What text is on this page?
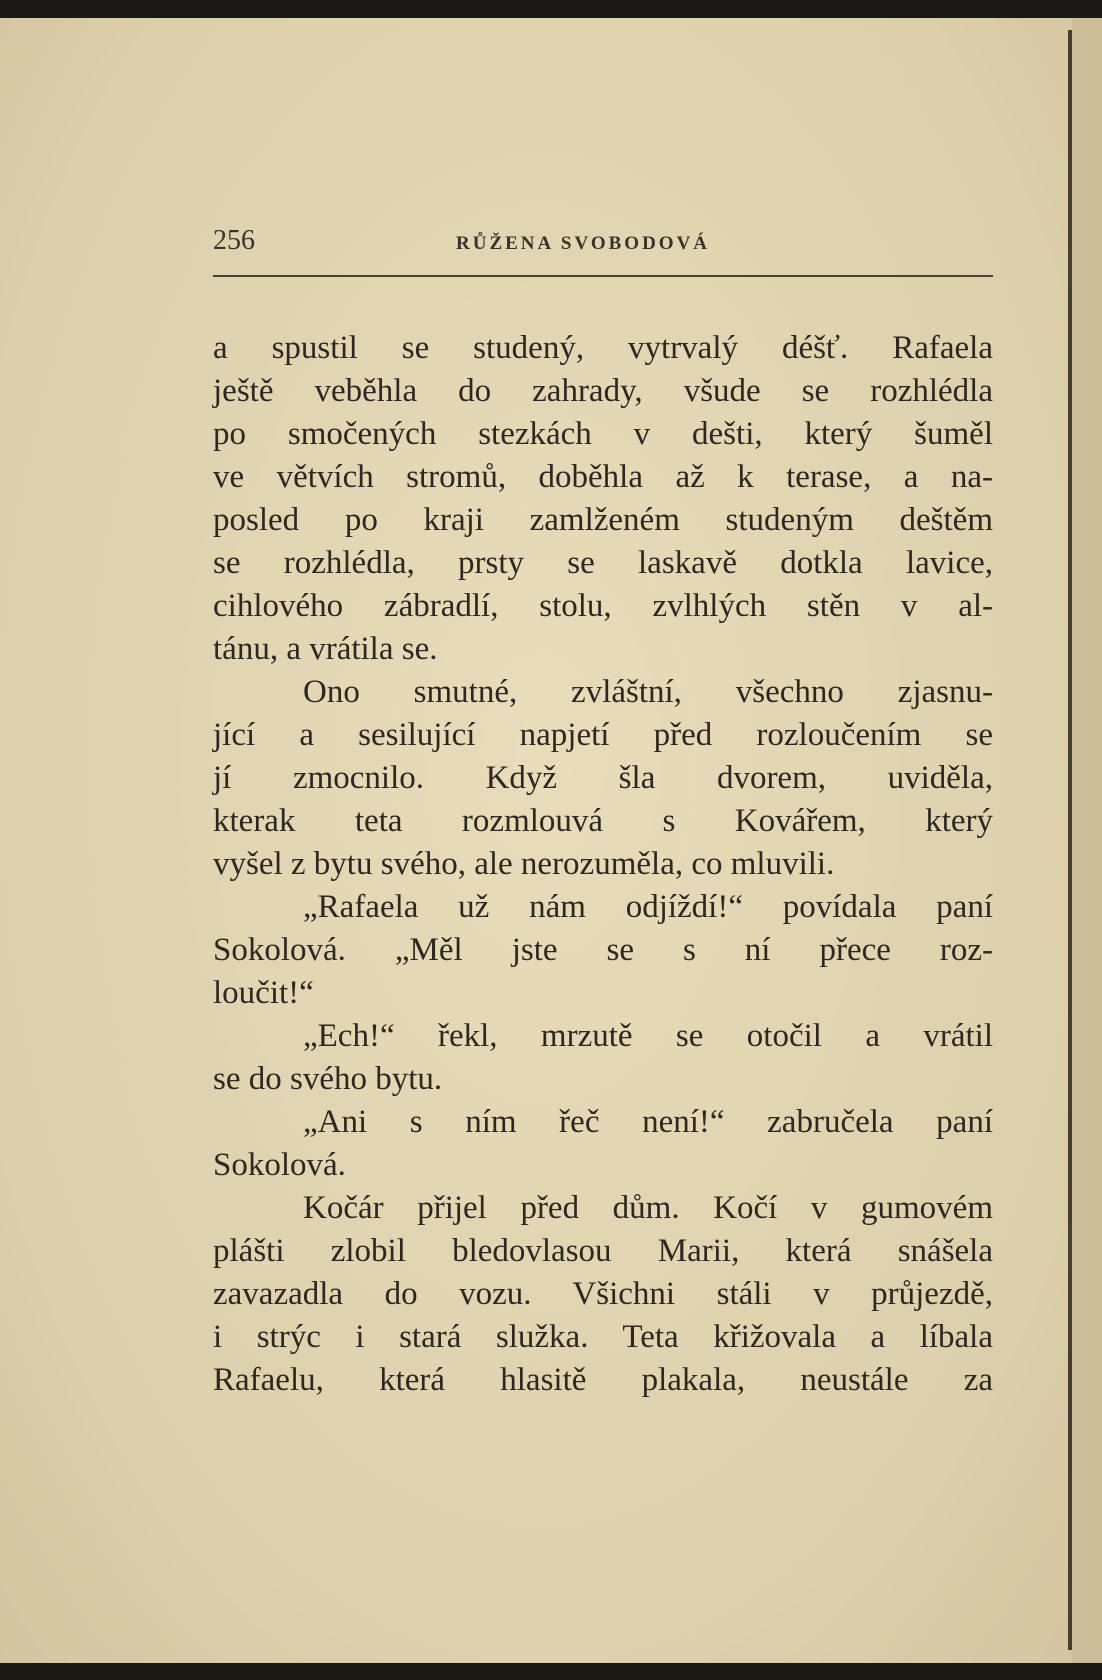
256	RŮŽENA SVOBODOVÁ
a spustil se studený, vytrvalý déšť. Rafaela
ještě veběhla do zahrady, všude se rozhlédla
po smočených stezkách v dešti, který šuměl
ve větvích stromů, doběhla až k terase, a na-
posled po kraji zamlženém studeným deštěm
se rozhlédla, prsty se laskavě dotkla lavice,
cihlového zábradlí, stolu, zvlhlých stěn v al-
tánu, a vrátila se.
Ono smutné, zvláštní, všechno zjasnu-
jící a sesilující napjetí před rozloučením se
jí zmocnilo. Když šla dvorem, uviděla,
kterak teta rozmlouvá s Kovářem, který
vyšel z bytu svého, ale nerozuměla, co mluvili.
„Rafaela už nám odjíždí!“ povídala paní
Sokolová. „Měl jste se s ní přece roz-
loučit!“
„Ech!“ řekl, mrzutě se otočil a vrátil
se do svého bytu.
„Ani s ním řeč není!“ zabručela paní
Sokolová.
Kočár přijel před dům. Kočí v gumovém
plášti zlobil bledovlasou Marii, která snášela
zavazadla do vozu. Všichni stáli v průjezdě,
i strýc i stará služka. Teta křižovala a líbala
Rafaelu, která hlasitě plakala, neustále za
